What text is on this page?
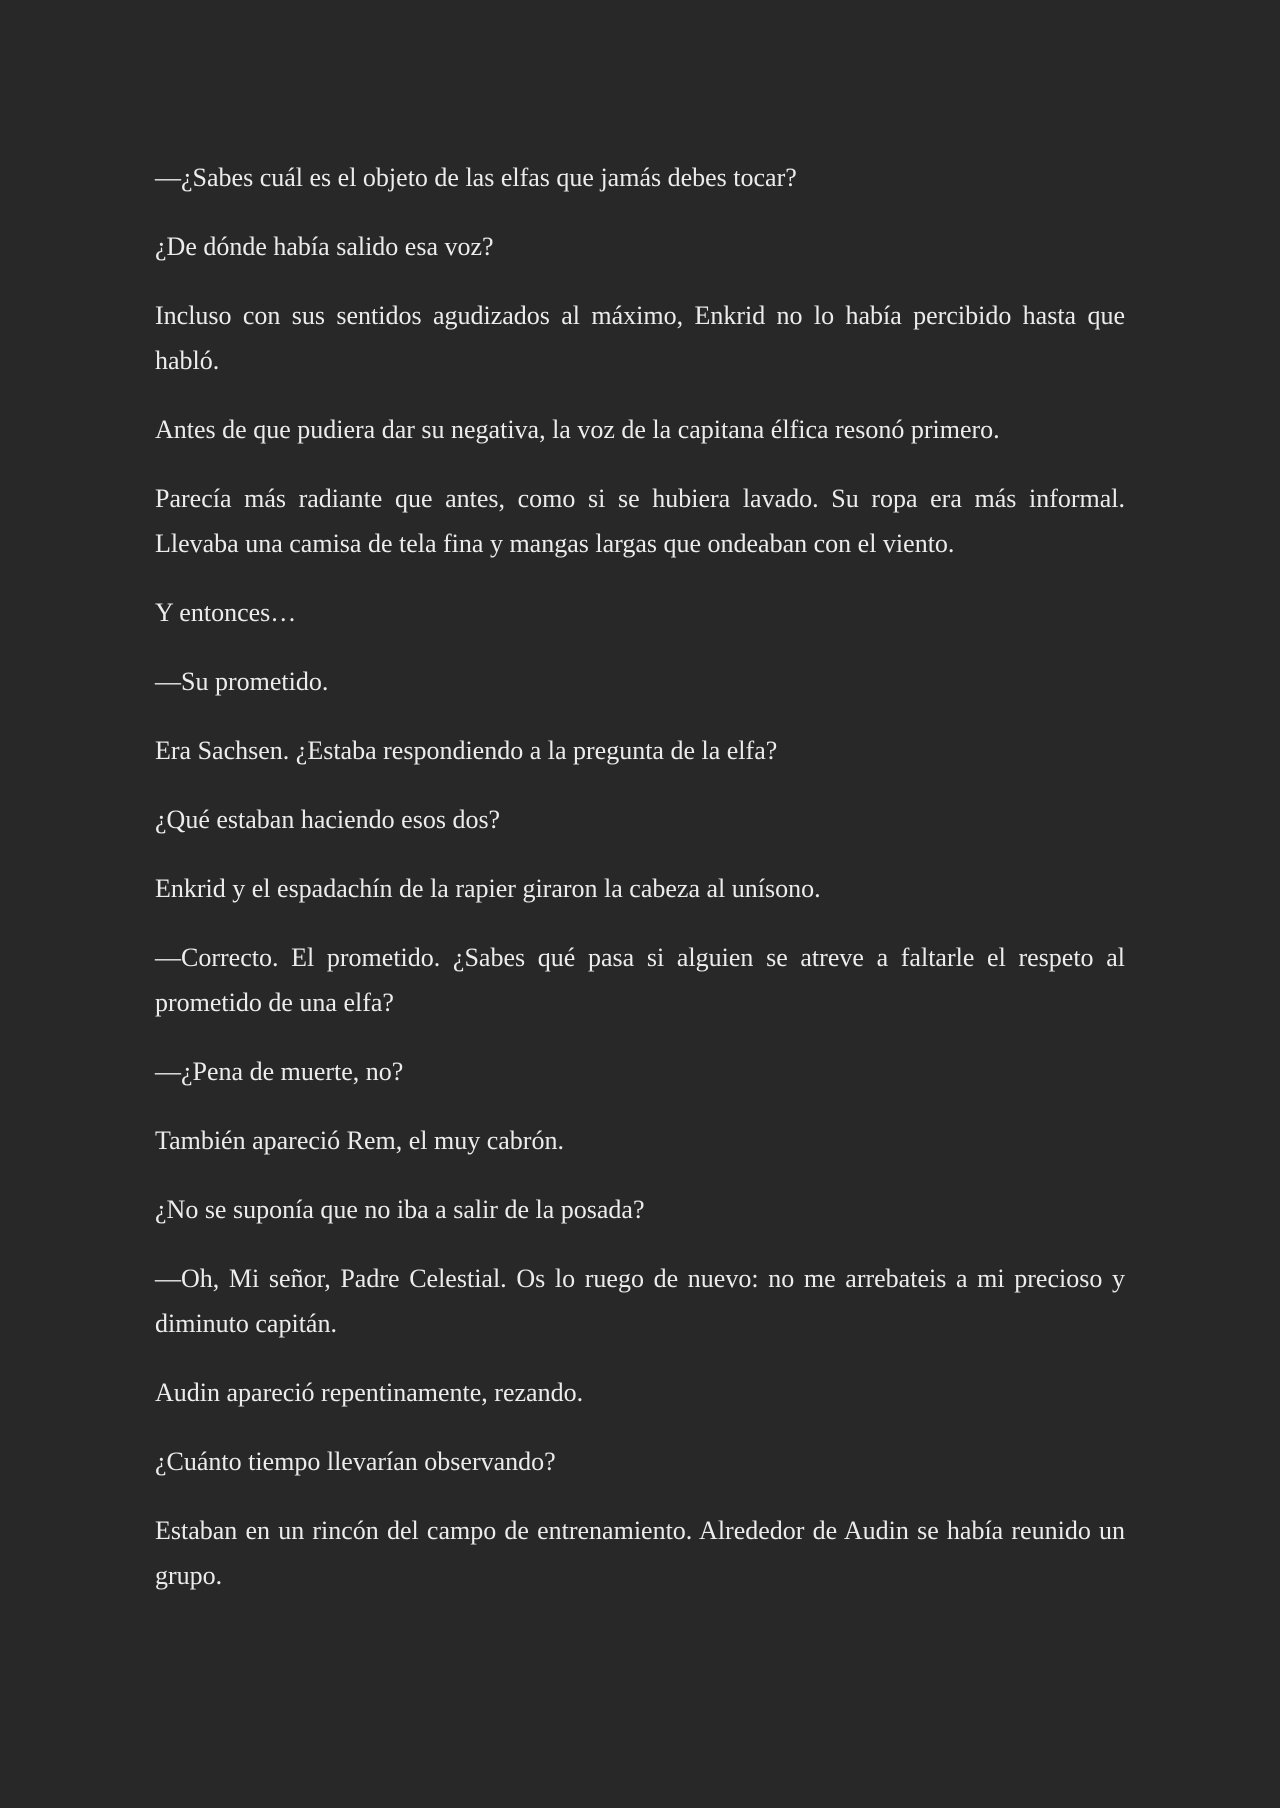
—¿Sabes cuál es el objeto de las elfas que jamás debes tocar?

¿De dónde había salido esa voz?

Incluso con sus sentidos agudizados al máximo, Enkrid no lo había percibido hasta que habló.

Antes de que pudiera dar su negativa, la voz de la capitana élfica resonó primero.

Parecía más radiante que antes, como si se hubiera lavado. Su ropa era más informal. Llevaba una camisa de tela fina y mangas largas que ondeaban con el viento.

Y entonces…

—Su prometido.

Era Sachsen. ¿Estaba respondiendo a la pregunta de la elfa?

¿Qué estaban haciendo esos dos?

Enkrid y el espadachín de la rapier giraron la cabeza al unísono.

—Correcto. El prometido. ¿Sabes qué pasa si alguien se atreve a faltarle el respeto al prometido de una elfa?

—¿Pena de muerte, no?

También apareció Rem, el muy cabrón.

¿No se suponía que no iba a salir de la posada?

—Oh, Mi señor, Padre Celestial. Os lo ruego de nuevo: no me arrebateis a mi precioso y diminuto capitán.

Audin apareció repentinamente, rezando.

¿Cuánto tiempo llevarían observando?

Estaban en un rincón del campo de entrenamiento. Alrededor de Audin se había reunido un grupo.
